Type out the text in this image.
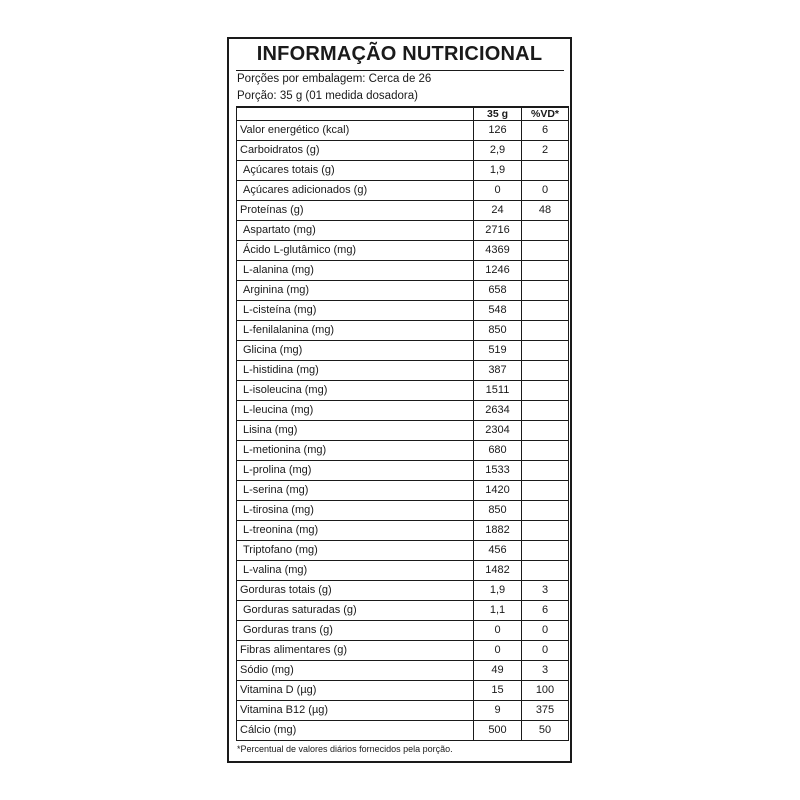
INFORMAÇÃO NUTRICIONAL
Porções por embalagem: Cerca de 26
Porção: 35 g (01 medida dosadora)
	35 g	%VD*
Valor energético (kcal)	126	6
Carboidratos (g)	2,9	2
Açúcares totais (g)	1,9	
Açúcares adicionados (g)	0	0
Proteínas (g)	24	48
Aspartato (mg)	2716	
Ácido L-glutâmico (mg)	4369	
L-alanina (mg)	1246	
Arginina (mg)	658	
L-cisteína (mg)	548	
L-fenilalanina (mg)	850	
Glicina (mg)	519	
L-histidina (mg)	387	
L-isoleucina (mg)	1511	
L-leucina (mg)	2634	
Lisina (mg)	2304	
L-metionina (mg)	680	
L-prolina (mg)	1533	
L-serina (mg)	1420	
L-tirosina (mg)	850	
L-treonina (mg)	1882	
Triptofano (mg)	456	
L-valina (mg)	1482	
Gorduras totais (g)	1,9	3
Gorduras saturadas (g)	1,1	6
Gorduras trans (g)	0	0
Fibras alimentares (g)	0	0
Sódio (mg)	49	3
Vitamina D (µg)	15	100
Vitamina B12 (µg)	9	375
Cálcio (mg)	500	50
*Percentual de valores diários fornecidos pela porção.
